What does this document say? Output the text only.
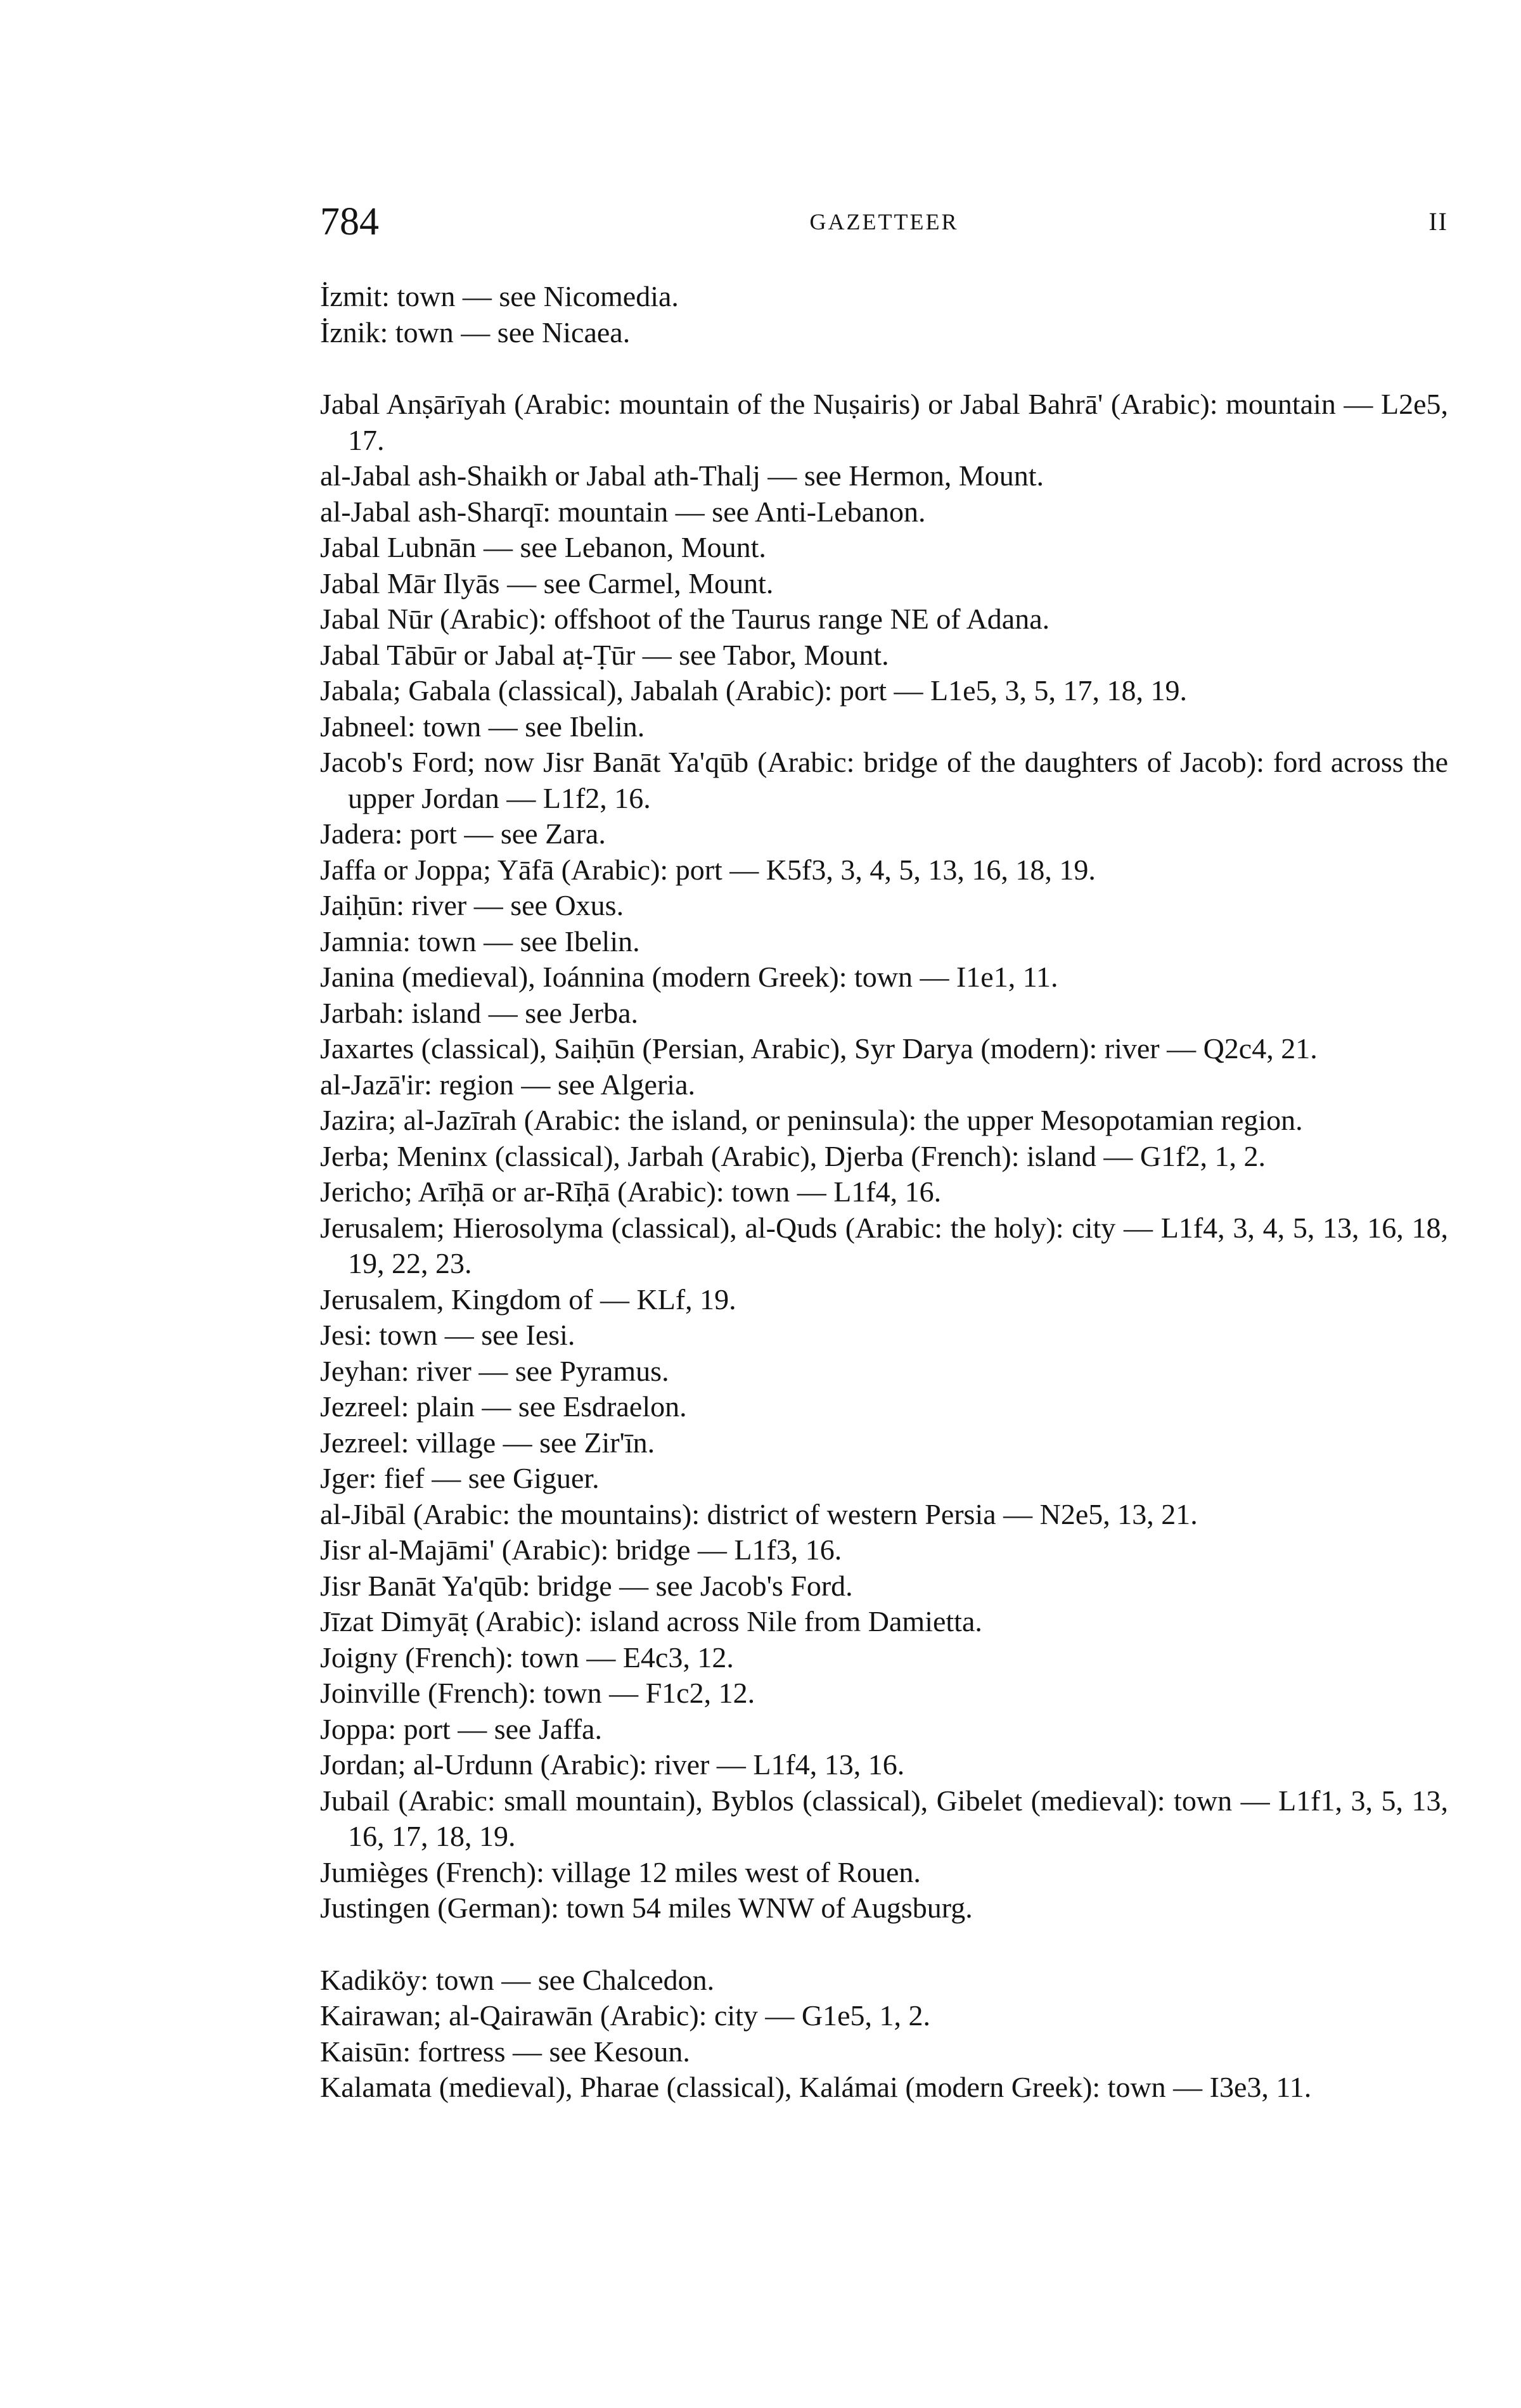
784	GAZETTEER	II

İzmit: town — see Nicomedia.

İznik: town — see Nicaea.

Jabal Anṣārīyah (Arabic: mountain of the Nuṣairis) or Jabal Bahrā' (Arabic): mountain — L2e5, 17.

al-Jabal ash-Shaikh or Jabal ath-Thalj — see Hermon, Mount.

al-Jabal ash-Sharqī: mountain — see Anti-Lebanon.

Jabal Lubnān — see Lebanon, Mount.

Jabal Mār Ilyās — see Carmel, Mount.

Jabal Nūr (Arabic): offshoot of the Taurus range NE of Adana.

Jabal Tābūr or Jabal aṭ-Ṭūr — see Tabor, Mount.

Jabala; Gabala (classical), Jabalah (Arabic): port — L1e5, 3, 5, 17, 18, 19.

Jabneel: town — see Ibelin.

Jacob's Ford; now Jisr Banāt Ya'qūb (Arabic: bridge of the daughters of Jacob): ford across the upper Jordan — L1f2, 16.

Jadera: port — see Zara.

Jaffa or Joppa; Yāfā (Arabic): port — K5f3, 3, 4, 5, 13, 16, 18, 19.

Jaiḥūn: river — see Oxus.

Jamnia: town — see Ibelin.

Janina (medieval), Ioánnina (modern Greek): town — I1e1, 11.

Jarbah: island — see Jerba.

Jaxartes (classical), Saiḥūn (Persian, Arabic), Syr Darya (modern): river — Q2c4, 21.

al-Jazā'ir: region — see Algeria.

Jazira; al-Jazīrah (Arabic: the island, or peninsula): the upper Mesopotamian region.

Jerba; Meninx (classical), Jarbah (Arabic), Djerba (French): island — G1f2, 1, 2.

Jericho; Arīḥā or ar-Rīḥā (Arabic): town — L1f4, 16.

Jerusalem; Hierosolyma (classical), al-Quds (Arabic: the holy): city — L1f4, 3, 4, 5, 13, 16, 18, 19, 22, 23.

Jerusalem, Kingdom of — KLf, 19.

Jesi: town — see Iesi.

Jeyhan: river — see Pyramus.

Jezreel: plain — see Esdraelon.

Jezreel: village — see Zir'īn.

Jger: fief — see Giguer.

al-Jibāl (Arabic: the mountains): district of western Persia — N2e5, 13, 21.

Jisr al-Majāmi' (Arabic): bridge — L1f3, 16.

Jisr Banāt Ya'qūb: bridge — see Jacob's Ford.

Jīzat Dimyāṭ (Arabic): island across Nile from Damietta.

Joigny (French): town — E4c3, 12.

Joinville (French): town — F1c2, 12.

Joppa: port — see Jaffa.

Jordan; al-Urdunn (Arabic): river — L1f4, 13, 16.

Jubail (Arabic: small mountain), Byblos (classical), Gibelet (medieval): town — L1f1, 3, 5, 13, 16, 17, 18, 19.

Jumièges (French): village 12 miles west of Rouen.

Justingen (German): town 54 miles WNW of Augsburg.

Kadiköy: town — see Chalcedon.

Kairawan; al-Qairawān (Arabic): city — G1e5, 1, 2.

Kaisūn: fortress — see Kesoun.

Kalamata (medieval), Pharae (classical), Kalámai (modern Greek): town — I3e3, 11.
